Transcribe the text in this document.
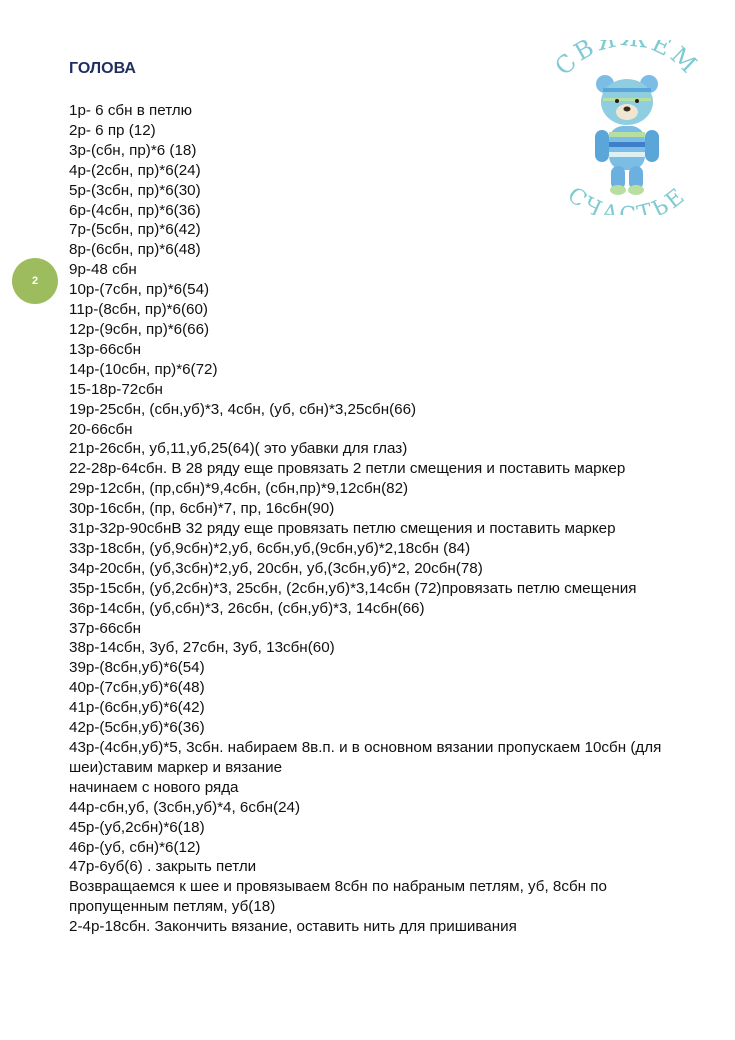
ГОЛОВА
1р- 6 сбн в петлю
2р- 6 пр (12)
3р-(сбн, пр)*6 (18)
4р-(2сбн, пр)*6(24)
5р-(3сбн, пр)*6(30)
6р-(4сбн, пр)*6(36)
7р-(5сбн, пр)*6(42)
8р-(6сбн, пр)*6(48)
9р-48 сбн
10р-(7сбн, пр)*6(54)
11р-(8сбн, пр)*6(60)
12р-(9сбн, пр)*6(66)
13р-66сбн
14р-(10сбн, пр)*6(72)
15-18р-72сбн
19р-25сбн, (сбн,уб)*3, 4сбн, (уб, сбн)*3,25сбн(66)
20-66сбн
21р-26сбн, уб,11,уб,25(64)( это убавки для глаз)
22-28р-64сбн. В 28 ряду еще провязать 2 петли смещения и поставить маркер
29р-12сбн, (пр,сбн)*9,4сбн, (сбн,пр)*9,12сбн(82)
30р-16сбн, (пр, 6сбн)*7, пр, 16сбн(90)
31р-32р-90сбнВ 32 ряду еще провязать петлю смещения и поставить маркер
33р-18сбн, (уб,9сбн)*2,уб, 6сбн,уб,(9сбн,уб)*2,18сбн (84)
34р-20сбн, (уб,3сбн)*2,уб, 20сбн, уб,(3сбн,уб)*2, 20сбн(78)
35р-15сбн, (уб,2сбн)*3, 25сбн, (2сбн,уб)*3,14сбн (72)провязать петлю смещения
36р-14сбн, (уб,сбн)*3, 26сбн, (сбн,уб)*3, 14сбн(66)
37р-66сбн
38р-14сбн, 3уб, 27сбн, 3уб, 13сбн(60)
39р-(8сбн,уб)*6(54)
40р-(7сбн,уб)*6(48)
41р-(6сбн,уб)*6(42)
42р-(5сбн,уб)*6(36)
43р-(4сбн,уб)*5, 3сбн. набираем 8в.п. и в основном вязании пропускаем 10сбн (для шеи)ставим маркер и вязание
начинаем с нового ряда
44р-сбн,уб, (3сбн,уб)*4, 6сбн(24)
45р-(уб,2сбн)*6(18)
46р-(уб, сбн)*6(12)
47р-6уб(6) . закрыть петли
Возвращаемся к шее и провязываем 8сбн по набраным петлям, уб, 8сбн по пропущенным петлям, уб(18)
2-4р-18сбн. Закончить вязание, оставить нить для пришивания
2
СВЯ ЕМ
СЧА ТЬЕ
